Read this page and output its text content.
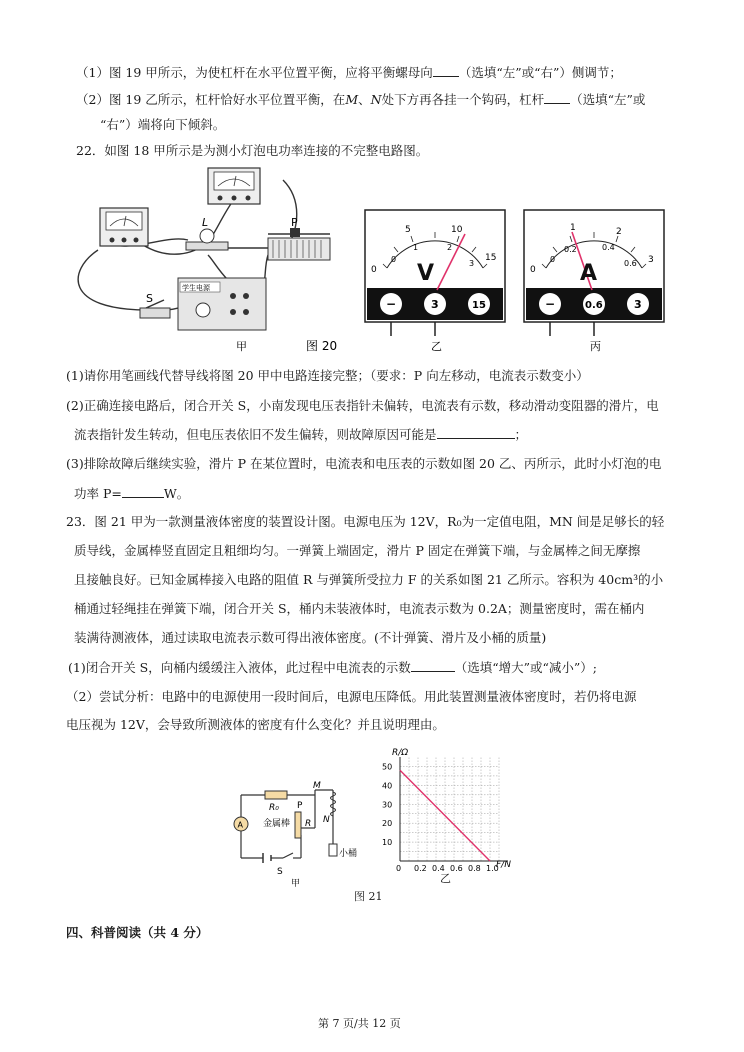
（1）图 19 甲所示，为使杠杆在水平位置平衡，应将平衡螺母向 （选填“左”或“右”）侧调节；
（2）图 19 乙所示，杠杆恰好水平位置平衡，在M、N处下方再各挂一个钩码，杠杆 （选填“左”或
“右”）端将向下倾斜。
22．如图 18 甲所示是为测小灯泡电功率连接的不完整电路图。
L	P
S
学生电源
甲	图 20
V
0
5	10
15
0
1	2
3
−	3	15
乙
A
0
1	2
3
0
0.2	0.4
0.6
−	0.6	3
丙
(1)请你用笔画线代替导线将图 20 甲中电路连接完整；（要求：P 向左移动，电流表示数变小）
(2)正确连接电路后，闭合开关 S，小南发现电压表指针未偏转，电流表有示数，移动滑动变阻器的滑片，电
流表指针发生转动，但电压表依旧不发生偏转，则故障原因可能是	；
(3)排除故障后继续实验，滑片 P 在某位置时，电流表和电压表的示数如图 20 乙、丙所示，此时小灯泡的电
功率 P=	W。
23．图 21 甲为一款测量液体密度的装置设计图。电源电压为 12V，R₀为一定值电阻，MN 间是足够长的轻
质导线，金属棒竖直固定且粗细均匀。一弹簧上端固定，滑片 P 固定在弹簧下端，与金属棒之间无摩擦
且接触良好。已知金属棒接入电路的阻值 R 与弹簧所受拉力 F 的关系如图 21 乙所示。容积为 40cm³的小
桶通过轻绳挂在弹簧下端，闭合开关 S，桶内未装液体时，电流表示数为 0.2A；测量密度时，需在桶内
装满待测液体，通过读取电流表示数可得出液体密度。(不计弹簧、滑片及小桶的质量)
(1)闭合开关 S，向桶内缓缓注入液体，此过程中电流表的示数	（选填“增大”或“减小”）;
（2）尝试分析：电路中的电源使用一段时间后，电源电压降低。用此装置测量液体密度时，若仍将电源
电压视为 12V，会导致所测液体的密度有什么变化？并且说明理由。
R₀
A 金属棒 R
P
M
N
S
小桶
甲
0 0.2 0.4 0.6 0.8 1.0
10
20
30
40
50
R/Ω
F/N
乙
图 21
四、科普阅读（共 4 分）
第 7 页/共 12 页
